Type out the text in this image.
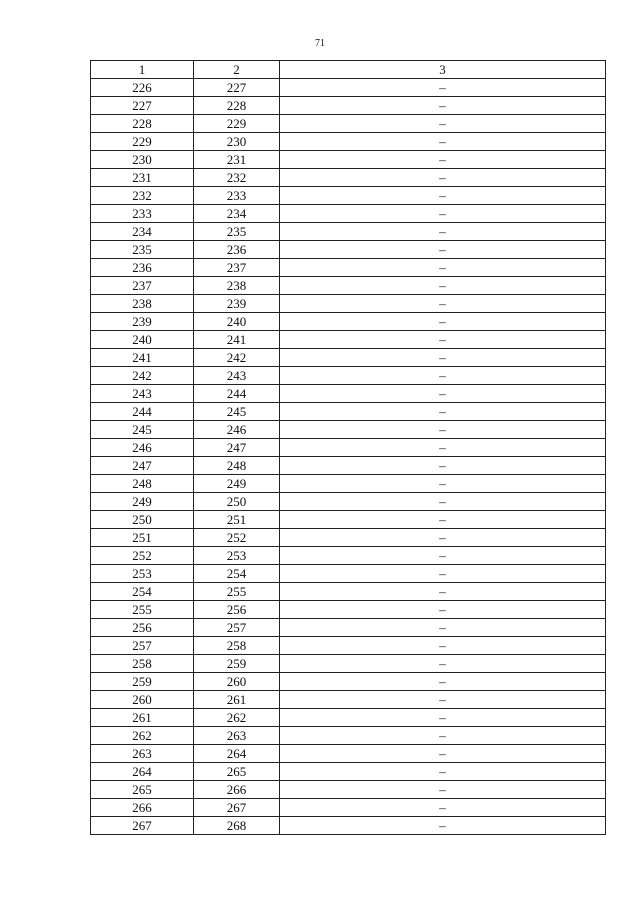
71
1	2	3
226	227	–
227	228	–
228	229	–
229	230	–
230	231	–
231	232	–
232	233	–
233	234	–
234	235	–
235	236	–
236	237	–
237	238	–
238	239	–
239	240	–
240	241	–
241	242	–
242	243	–
243	244	–
244	245	–
245	246	–
246	247	–
247	248	–
248	249	–
249	250	–
250	251	–
251	252	–
252	253	–
253	254	–
254	255	–
255	256	–
256	257	–
257	258	–
258	259	–
259	260	–
260	261	–
261	262	–
262	263	–
263	264	–
264	265	–
265	266	–
266	267	–
267	268	–
